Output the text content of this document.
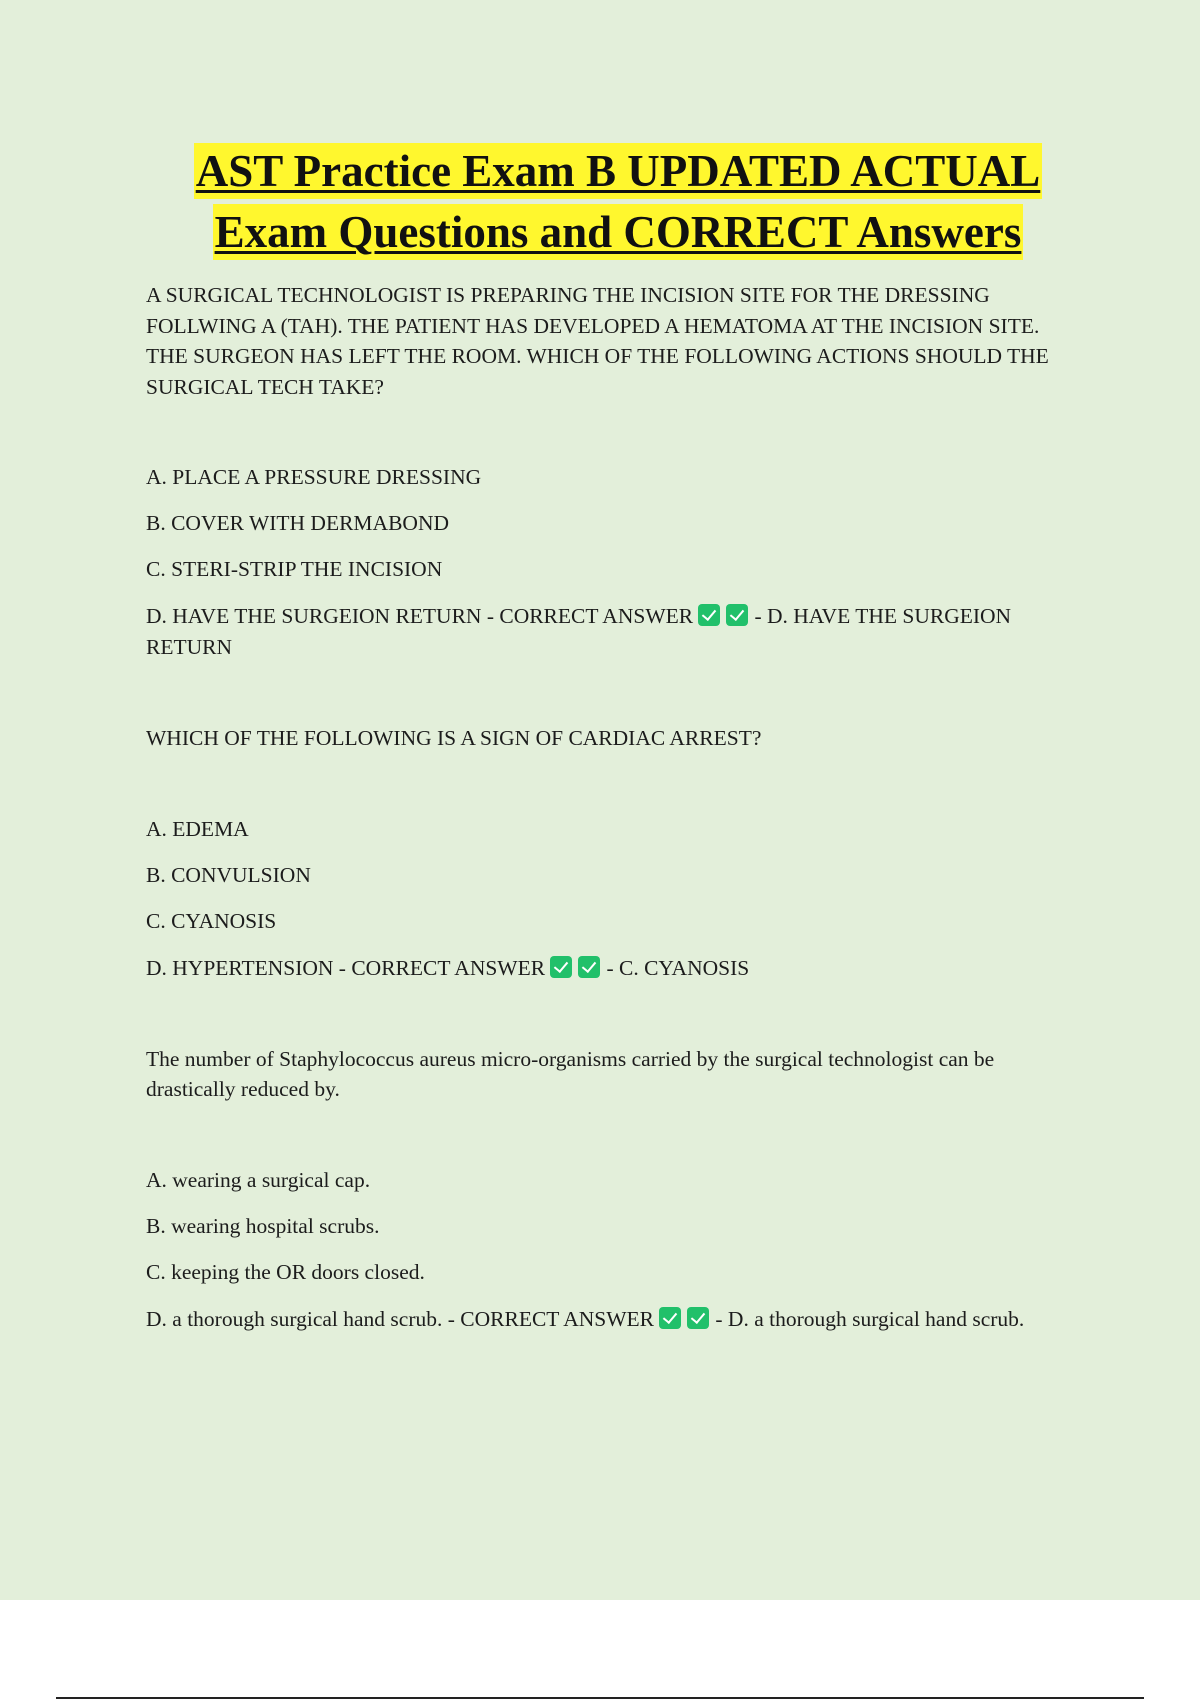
AST Practice Exam B UPDATED ACTUAL
Exam Questions and CORRECT Answers

A SURGICAL TECHNOLOGIST IS PREPARING THE INCISION SITE FOR THE DRESSING FOLLWING A (TAH). THE PATIENT HAS DEVELOPED A HEMATOMA AT THE INCISION SITE. THE SURGEON HAS LEFT THE ROOM. WHICH OF THE FOLLOWING ACTIONS SHOULD THE SURGICAL TECH TAKE?

A. PLACE A PRESSURE DRESSING

B. COVER WITH DERMABOND

C. STERI-STRIP THE INCISION

D. HAVE THE SURGEION RETURN - CORRECT ANSWER	- D. HAVE THE SURGEION RETURN

WHICH OF THE FOLLOWING IS A SIGN OF CARDIAC ARREST?

A. EDEMA

B. CONVULSION

C. CYANOSIS

D. HYPERTENSION - CORRECT ANSWER	- C. CYANOSIS

The number of Staphylococcus aureus micro-organisms carried by the surgical technologist can be drastically reduced by.

A. wearing a surgical cap.

B. wearing hospital scrubs.

C. keeping the OR doors closed.

D. a thorough surgical hand scrub. - CORRECT ANSWER	- D. a thorough surgical hand scrub.
